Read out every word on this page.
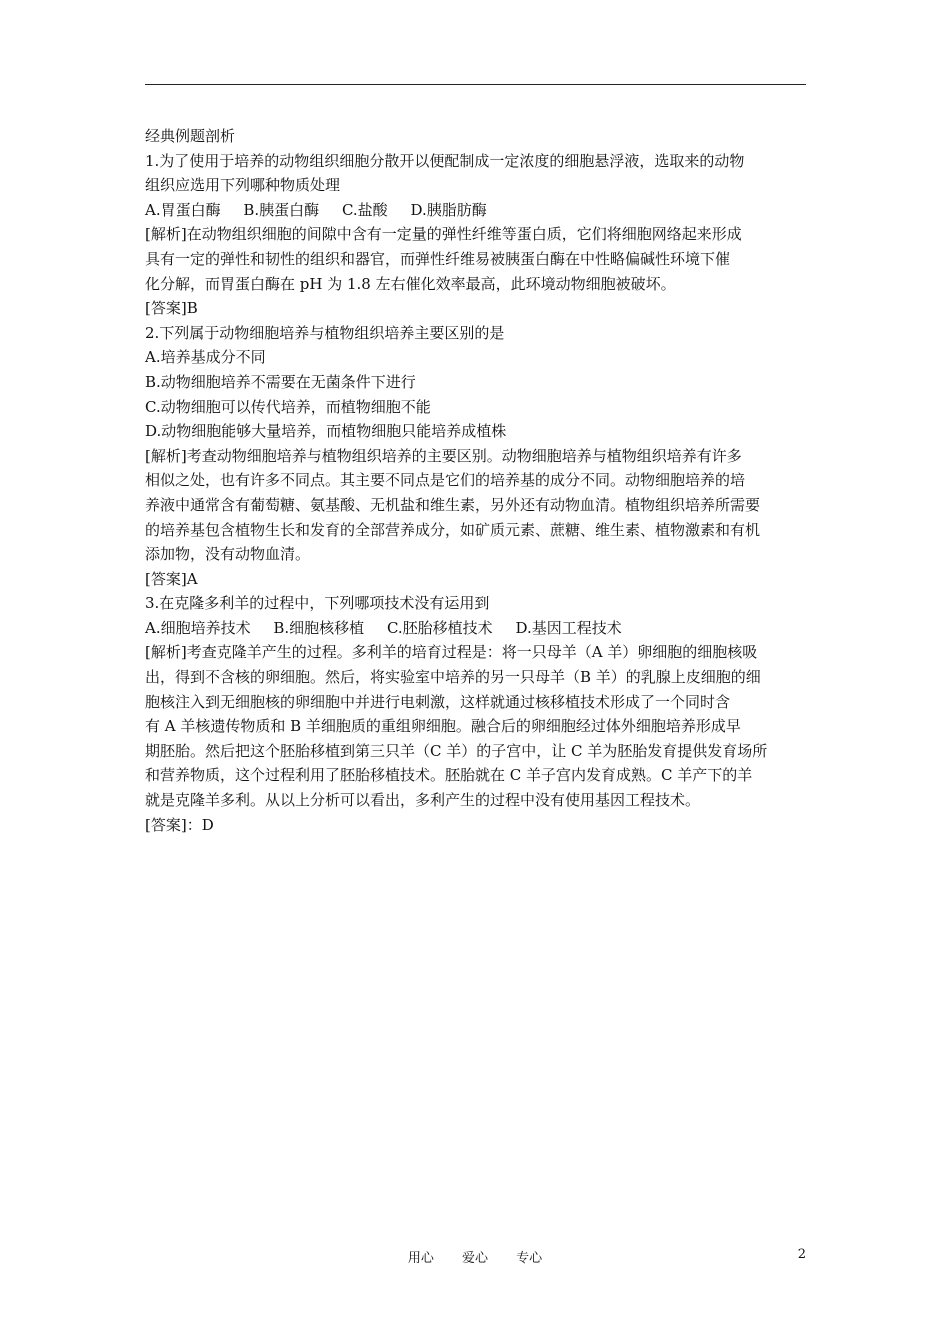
经典例题剖析
1.为了使用于培养的动物组织细胞分散开以便配制成一定浓度的细胞悬浮液，选取来的动物
组织应选用下列哪种物质处理
A.胃蛋白酶 B.胰蛋白酶 C.盐酸 D.胰脂肪酶
[解析]在动物组织细胞的间隙中含有一定量的弹性纤维等蛋白质，它们将细胞网络起来形成
具有一定的弹性和韧性的组织和器官，而弹性纤维易被胰蛋白酶在中性略偏碱性环境下催
化分解，而胃蛋白酶在 pH 为 1.8 左右催化效率最高，此环境动物细胞被破坏。
[答案]B
2.下列属于动物细胞培养与植物组织培养主要区别的是
A.培养基成分不同
B.动物细胞培养不需要在无菌条件下进行
C.动物细胞可以传代培养，而植物细胞不能
D.动物细胞能够大量培养，而植物细胞只能培养成植株
[解析]考查动物细胞培养与植物组织培养的主要区别。动物细胞培养与植物组织培养有许多
相似之处，也有许多不同点。其主要不同点是它们的培养基的成分不同。动物细胞培养的培
养液中通常含有葡萄糖、氨基酸、无机盐和维生素，另外还有动物血清。植物组织培养所需要
的培养基包含植物生长和发育的全部营养成分，如矿质元素、蔗糖、维生素、植物激素和有机
添加物，没有动物血清。
[答案]A
3.在克隆多利羊的过程中，下列哪项技术没有运用到
A.细胞培养技术 B.细胞核移植 C.胚胎移植技术 D.基因工程技术
[解析]考查克隆羊产生的过程。多利羊的培育过程是：将一只母羊（A 羊）卵细胞的细胞核吸
出，得到不含核的卵细胞。然后，将实验室中培养的另一只母羊（B 羊）的乳腺上皮细胞的细
胞核注入到无细胞核的卵细胞中并进行电刺激，这样就通过核移植技术形成了一个同时含
有 A 羊核遗传物质和 B 羊细胞质的重组卵细胞。融合后的卵细胞经过体外细胞培养形成早
期胚胎。然后把这个胚胎移植到第三只羊（C 羊）的子宫中，让 C 羊为胚胎发育提供发育场所
和营养物质，这个过程利用了胚胎移植技术。胚胎就在 C 羊子宫内发育成熟。C 羊产下的羊
就是克隆羊多利。从以上分析可以看出，多利产生的过程中没有使用基因工程技术。
[答案]：D
用心 爱心 专心	2
